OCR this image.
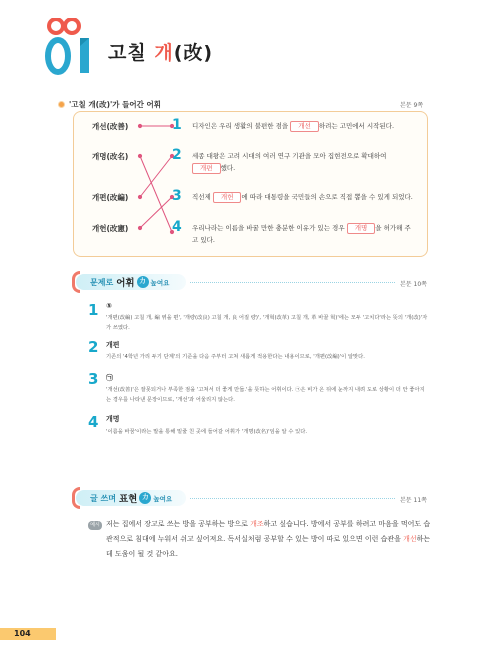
고칠 개(改)
'고칠 개(改)'가 들어간 어휘	본문 9쪽
개선(改善)
개명(改名)
개편(改編)
개헌(改憲)
1 디자인은 우리 생활의 불편한 점을 개선 하려는 고민에서 시작된다.
2 세종 대왕은 고려 시대의 여러 연구 기관을 모아 집현전으로 확대하여 개편 했다.
3 직선제 개헌 에 따라 대통령을 국민들의 손으로 직접 뽑을 수 있게 되었다.
4 우리나라는 이름을 바꿀 만한 충분한 이유가 있는 경우 개명 을 허가해 주고 있다.
문제로 어휘 力 높여요	본문 10쪽
1 ⑤
'개편(改編) 고칠 개, 編 엮을 편', '개량(改良) 고칠 개, 良 어질 량)', '개혁(改革) 고칠 개, 革 바꿀 혁)'에는 모두 '고치다'라는 뜻의 '개(改)'자가 쓰였다.
2 개편
기존의 '4학년 가리 두기 단계'의 기준을 다음 주부터 고쳐 새롭게 적용한다는 내용이므로, '개편(改編)'이 알맞다.
3 ㉠
'개선(改善)'은 잘못되거나 부족한 점을 '고쳐서 더 좋게 만듦.'을 뜻하는 어휘이다. ㉠은 비가 온 뒤에 눈까지 내려 도로 상황이 더 안 좋아지는 경우를 나타낸 문장이므로, '개선'과 어울리지 않는다.
4 개명
'이름을 바꿈'이라는 말을 통해 밑줄 친 곳에 들어갈 어휘가 '개명(改名)'임을 알 수 있다.
글 쓰며 표현 力 높여요	본문 11쪽
예시 저는 집에서 장고로 쓰는 방을 공부하는 방으로 개조하고 싶습니다. 방에서 공부를 하려고 마음을 먹어도 습관적으로 침대에 누워서 쉬고 싶어져요. 독서실처럼 공부할 수 있는 방이 따로 있으면 이런 습관을 개선하는 데 도움이 될 것 같아요.
104
